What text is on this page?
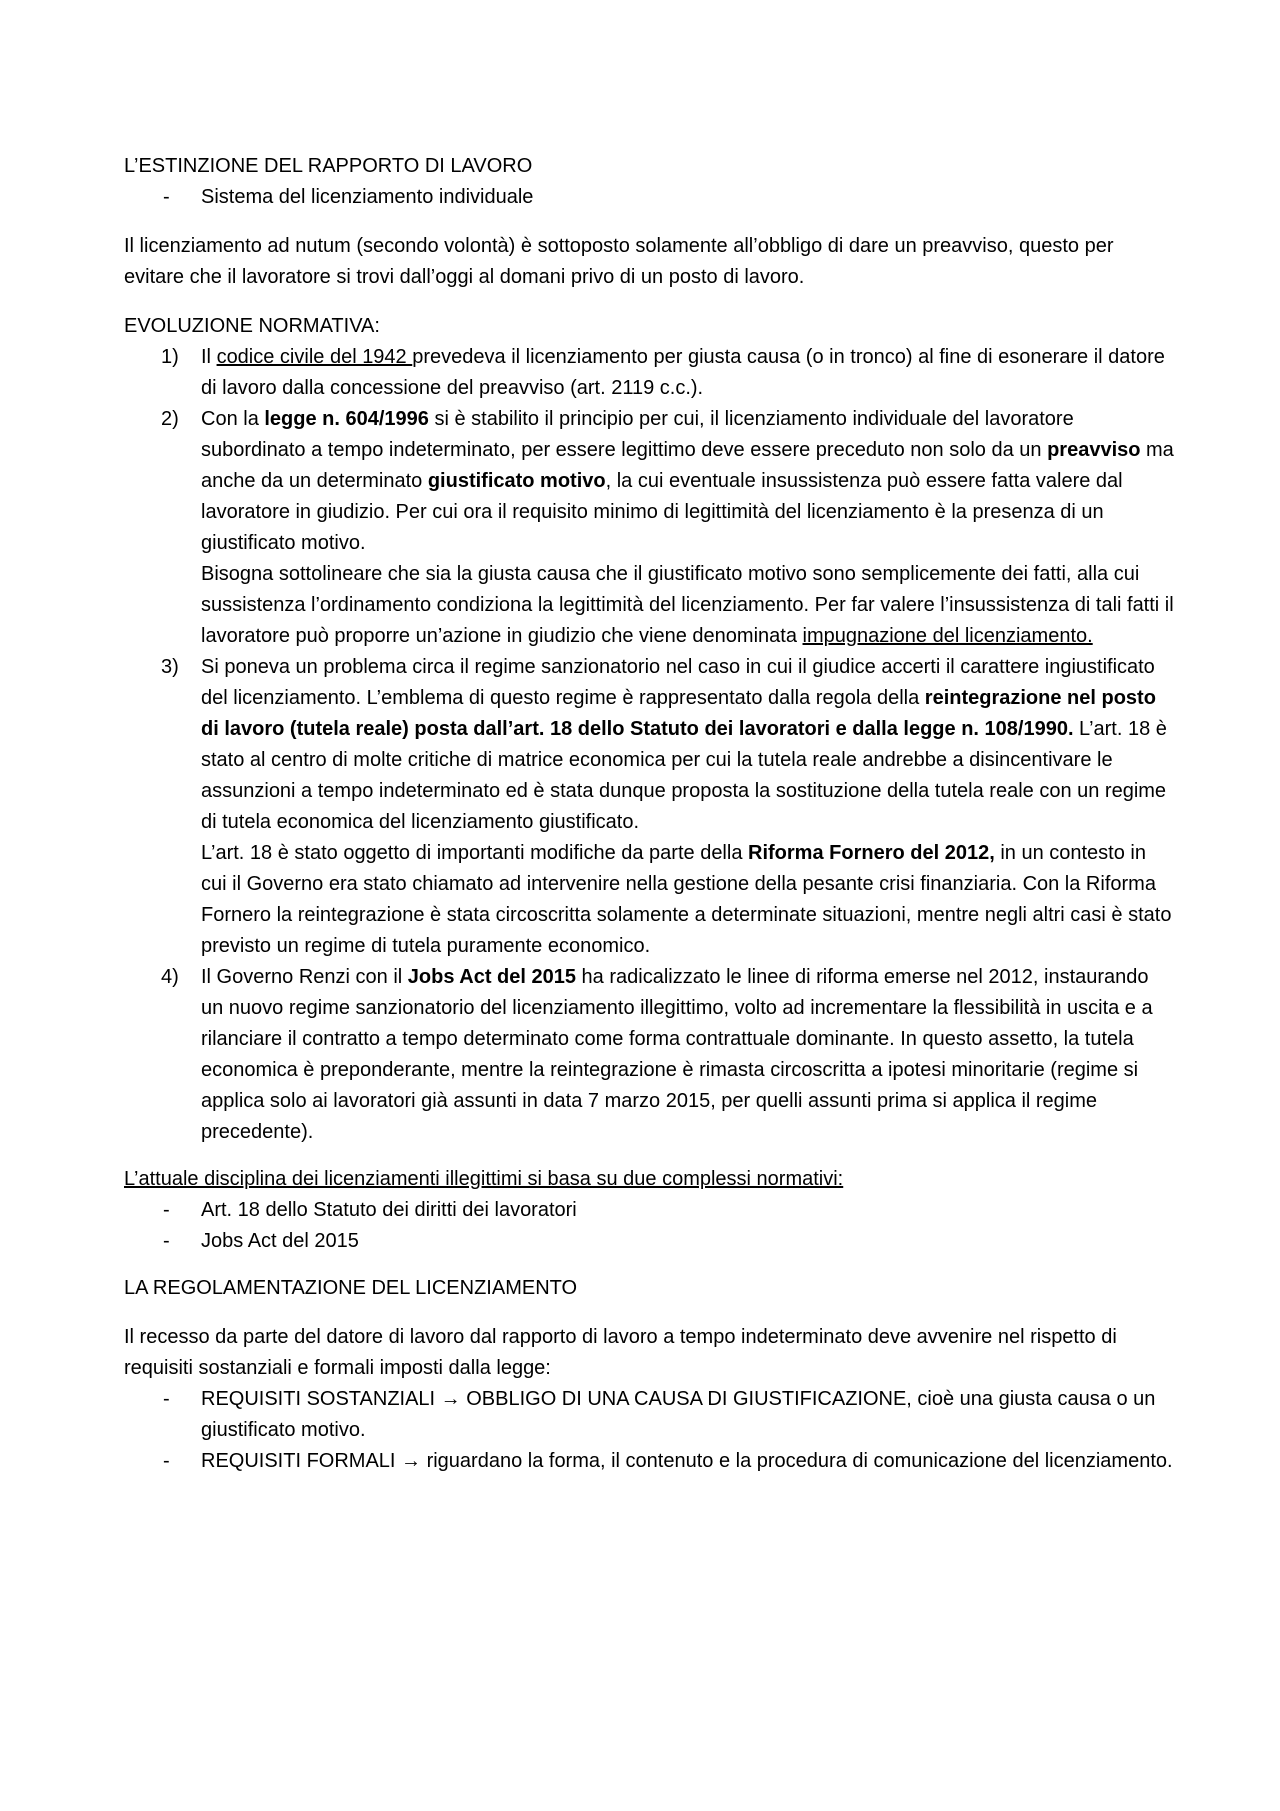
L’ESTINZIONE DEL RAPPORTO DI LAVORO

- Sistema del licenziamento individuale

Il licenziamento ad nutum (secondo volontà) è sottoposto solamente all’obbligo di dare un preavviso, questo per evitare che il lavoratore si trovi dall’oggi al domani privo di un posto di lavoro.

EVOLUZIONE NORMATIVA:

1) Il codice civile del 1942 prevedeva il licenziamento per giusta causa (o in tronco) al fine di esonerare il datore di lavoro dalla concessione del preavviso (art. 2119 c.c.).
2) Con la legge n. 604/1996 si è stabilito il principio per cui, il licenziamento individuale del lavoratore subordinato a tempo indeterminato, per essere legittimo deve essere preceduto non solo da un preavviso ma anche da un determinato giustificato motivo, la cui eventuale insussistenza può essere fatta valere dal lavoratore in giudizio. Per cui ora il requisito minimo di legittimità del licenziamento è la presenza di un giustificato motivo.
Bisogna sottolineare che sia la giusta causa che il giustificato motivo sono semplicemente dei fatti, alla cui sussistenza l’ordinamento condiziona la legittimità del licenziamento. Per far valere l’insussistenza di tali fatti il lavoratore può proporre un’azione in giudizio che viene denominata impugnazione del licenziamento.
3) Si poneva un problema circa il regime sanzionatorio nel caso in cui il giudice accerti il carattere ingiustificato del licenziamento. L’emblema di questo regime è rappresentato dalla regola della reintegrazione nel posto di lavoro (tutela reale) posta dall’art. 18 dello Statuto dei lavoratori e dalla legge n. 108/1990. L’art. 18 è stato al centro di molte critiche di matrice economica per cui la tutela reale andrebbe a disincentivare le assunzioni a tempo indeterminato ed è stata dunque proposta la sostituzione della tutela reale con un regime di tutela economica del licenziamento giustificato.
L’art. 18 è stato oggetto di importanti modifiche da parte della Riforma Fornero del 2012, in un contesto in cui il Governo era stato chiamato ad intervenire nella gestione della pesante crisi finanziaria. Con la Riforma Fornero la reintegrazione è stata circoscritta solamente a determinate situazioni, mentre negli altri casi è stato previsto un regime di tutela puramente economico.
4) Il Governo Renzi con il Jobs Act del 2015 ha radicalizzato le linee di riforma emerse nel 2012, instaurando un nuovo regime sanzionatorio del licenziamento illegittimo, volto ad incrementare la flessibilità in uscita e a rilanciare il contratto a tempo determinato come forma contrattuale dominante. In questo assetto, la tutela economica è preponderante, mentre la reintegrazione è rimasta circoscritta a ipotesi minoritarie (regime si applica solo ai lavoratori già assunti in data 7 marzo 2015, per quelli assunti prima si applica il regime precedente).

L’attuale disciplina dei licenziamenti illegittimi si basa su due complessi normativi:

- Art. 18 dello Statuto dei diritti dei lavoratori
- Jobs Act del 2015

LA REGOLAMENTAZIONE DEL LICENZIAMENTO

Il recesso da parte del datore di lavoro dal rapporto di lavoro a tempo indeterminato deve avvenire nel rispetto di requisiti sostanziali e formali imposti dalla legge:

- REQUISITI SOSTANZIALI → OBBLIGO DI UNA CAUSA DI GIUSTIFICAZIONE, cioè una giusta causa o un giustificato motivo.
- REQUISITI FORMALI → riguardano la forma, il contenuto e la procedura di comunicazione del licenziamento.
